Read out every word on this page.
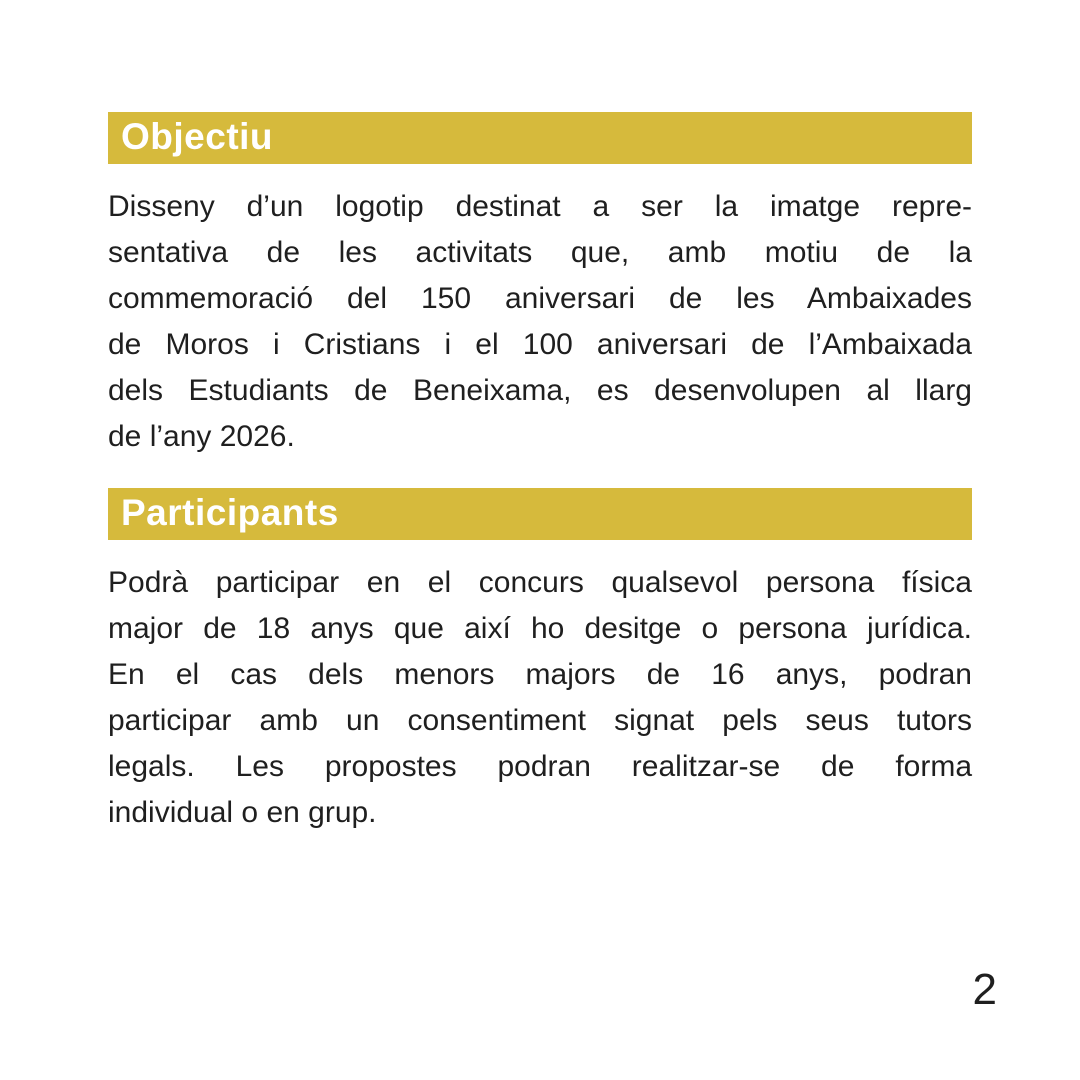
Objectiu
Disseny d’un logotip destinat a ser la imatge repre-
sentativa de les activitats que, amb motiu de la
commemoració del 150 aniversari de les Ambaixades
de Moros i Cristians i el 100 aniversari de l’Ambaixada
dels Estudiants de Beneixama, es desenvolupen al llarg
de l’any 2026.
Participants
Podrà participar en el concurs qualsevol persona física
major de 18 anys que així ho desitge o persona jurídica.
En el cas dels menors majors de 16 anys, podran
participar amb un consentiment signat pels seus tutors
legals. Les propostes podran realitzar-se de forma
individual o en grup.
2
